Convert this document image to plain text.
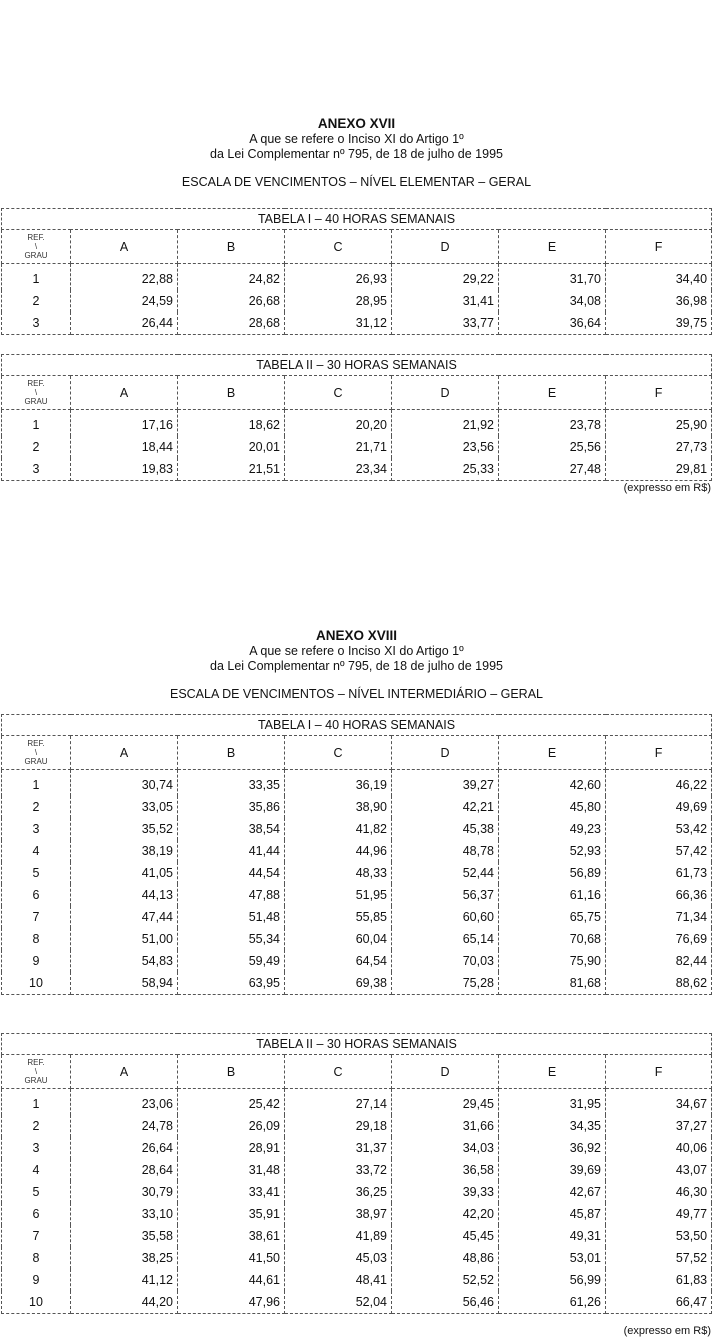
ANEXO XVII
A que se refere o Inciso XI do Artigo 1º
da Lei Complementar nº 795, de 18 de julho de 1995
ESCALA DE VENCIMENTOS – NÍVEL ELEMENTAR – GERAL
TABELA I – 40 HORAS SEMANAIS						

REF.
\
GRAU	A	B	C	D	E	F
1	22,88	24,82	26,93	29,22	31,70	34,40
2	24,59	26,68	28,95	31,41	34,08	36,98
3	26,44	28,68	31,12	33,77	36,64	39,75
TABELA II – 30 HORAS SEMANAIS						

REF.
\
GRAU	A	B	C	D	E	F
1	17,16	18,62	20,20	21,92	23,78	25,90
2	18,44	20,01	21,71	23,56	25,56	27,73
3	19,83	21,51	23,34	25,33	27,48	29,81
(expresso em R$)
ANEXO XVIII
A que se refere o Inciso XI do Artigo 1º
da Lei Complementar nº 795, de 18 de julho de 1995
ESCALA DE VENCIMENTOS – NÍVEL INTERMEDIÁRIO – GERAL
TABELA I – 40 HORAS SEMANAIS						

REF.
\
GRAU	A	B	C	D	E	F
1	30,74	33,35	36,19	39,27	42,60	46,22
2	33,05	35,86	38,90	42,21	45,80	49,69
3	35,52	38,54	41,82	45,38	49,23	53,42
4	38,19	41,44	44,96	48,78	52,93	57,42
5	41,05	44,54	48,33	52,44	56,89	61,73
6	44,13	47,88	51,95	56,37	61,16	66,36
7	47,44	51,48	55,85	60,60	65,75	71,34
8	51,00	55,34	60,04	65,14	70,68	76,69
9	54,83	59,49	64,54	70,03	75,90	82,44
10	58,94	63,95	69,38	75,28	81,68	88,62
TABELA II – 30 HORAS SEMANAIS						

REF.
\
GRAU	A	B	C	D	E	F
1	23,06	25,42	27,14	29,45	31,95	34,67
2	24,78	26,09	29,18	31,66	34,35	37,27
3	26,64	28,91	31,37	34,03	36,92	40,06
4	28,64	31,48	33,72	36,58	39,69	43,07
5	30,79	33,41	36,25	39,33	42,67	46,30
6	33,10	35,91	38,97	42,20	45,87	49,77
7	35,58	38,61	41,89	45,45	49,31	53,50
8	38,25	41,50	45,03	48,86	53,01	57,52
9	41,12	44,61	48,41	52,52	56,99	61,83
10	44,20	47,96	52,04	56,46	61,26	66,47
(expresso em R$)
